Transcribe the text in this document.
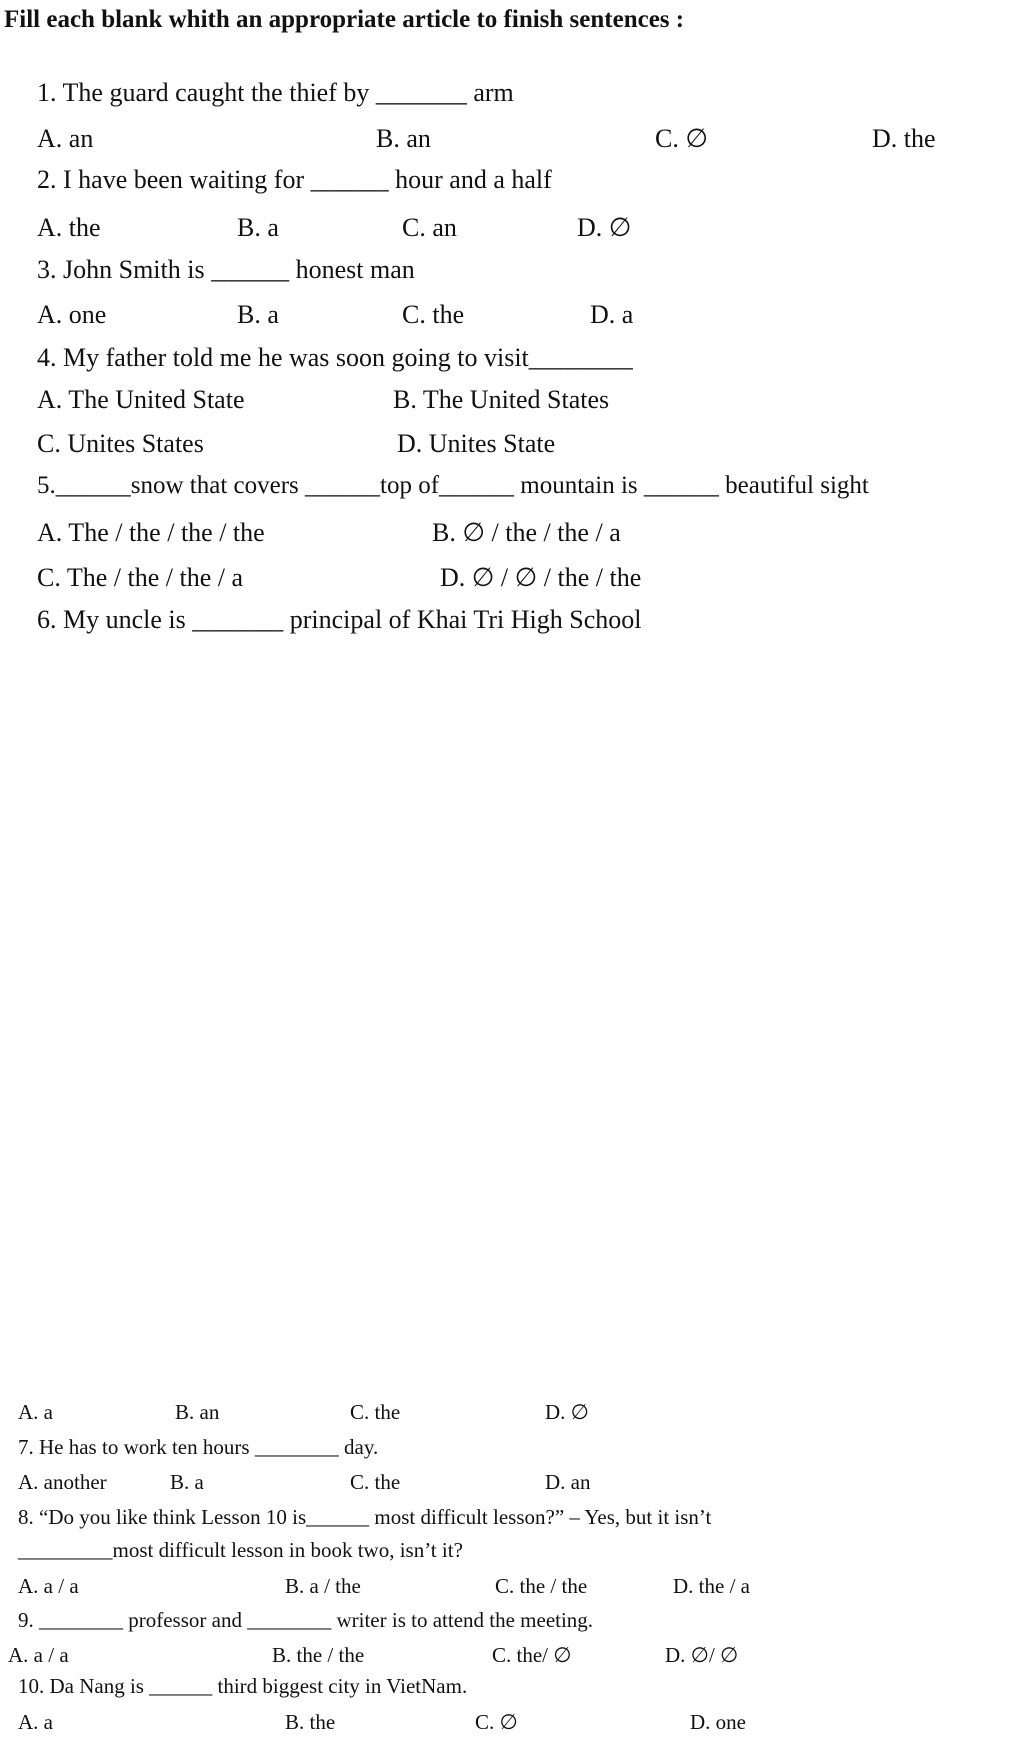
Fill each blank whith an appropriate article to finish sentences :
1. The guard caught the thief by _______ arm
A. an	B. an	C. ∅	D. the
2. I have been waiting for ______ hour and a half
A. the	B. a	C. an	D. ∅
3. John Smith is ______ honest man
A. one	B. a	C. the	D. a
4. My father told me he was soon going to visit________
A. The United State	B. The United States
C. Unites States	D. Unites State
5.______snow that covers ______top of______ mountain is ______ beautiful sight
A. The / the / the / the	B. ∅ / the / the / a
C. The / the / the / a	D. ∅ / ∅ / the / the
6. My uncle is _______ principal of Khai Tri High School
A. a	B. an	C. the	D. ∅
7. He has to work ten hours ________ day.
A. another	B. a	C. the	D. an
8. “Do you like think Lesson 10 is______ most difficult lesson?” – Yes, but it isn’t
_________most difficult lesson in book two, isn’t it?
A. a / a	B. a / the	C. the / the	D. the / a
9. ________ professor and ________ writer is to attend the meeting.
A. a / a	B. the / the	C. the/ ∅	D. ∅/ ∅
10. Da Nang is ______ third biggest city in VietNam.
A. a	B. the	C. ∅	D. one
